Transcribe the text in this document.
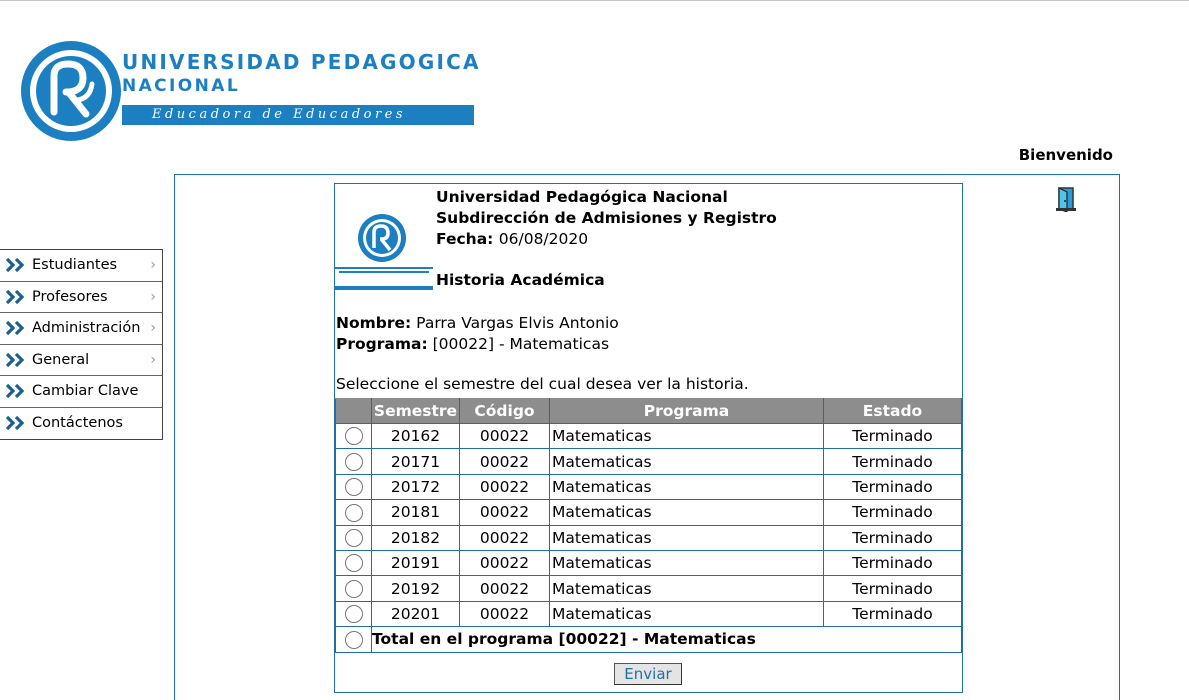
UNIVERSIDAD PEDAGOGICA
NACIONAL
Educadora de Educadores
Bienvenido
Estudiantes ›
Profesores	›
Administración ›
General	›
Cambiar Clave
Contáctenos
Universidad Pedagógica Nacional
Subdirección de Admisiones y Registro
Fecha: 06/08/2020
Historia Académica
Nombre: Parra Vargas Elvis Antonio
Programa: [00022] - Matematicas
Seleccione el semestre del cual desea ver la historia.
	Semestre	Código	Programa	Estado
	20162	00022	Matematicas	Terminado
	20171	00022	Matematicas	Terminado
	20172	00022	Matematicas	Terminado
	20181	00022	Matematicas	Terminado
	20182	00022	Matematicas	Terminado
	20191	00022	Matematicas	Terminado
	20192	00022	Matematicas	Terminado
	20201	00022	Matematicas	Terminado
	Total en el programa [00022] - Matematicas			
Enviar
